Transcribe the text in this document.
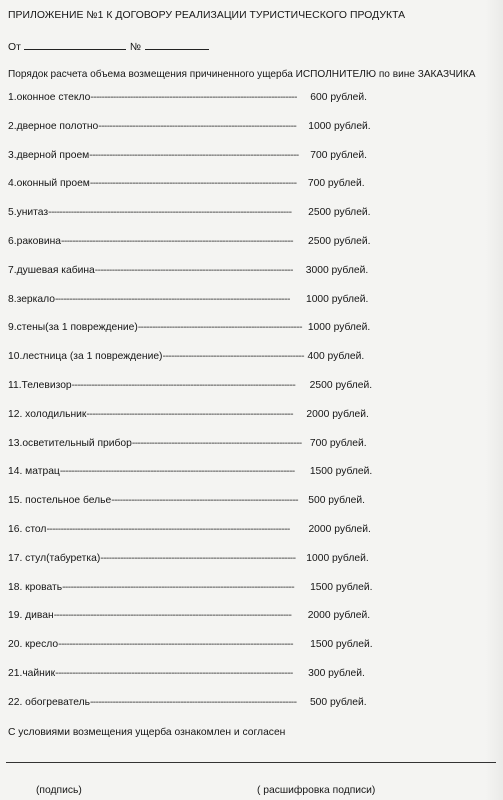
ПРИЛОЖЕНИЕ №1 К ДОГОВОРУ РЕАЛИЗАЦИИ ТУРИСТИЧЕСКОГО ПРОДУКТА
От	№
Порядок расчета объема возмещения причиненного ущерба ИСПОЛНИТЕЛЮ по вине ЗАКАЗЧИКА
1.оконное стекло -------------------------------------------------------------------------	600 рублей.
2.дверное полотно ----------------------------------------------------------------------	1000 рублей.
3.дверной проем --------------------------------------------------------------------------	700 рублей.
4.оконный проем -------------------------------------------------------------------------	700 рублей.
5.унитаз --------------------------------------------------------------------------------------	2500 рублей.
6.раковина ----------------------------------------------------------------------------------	2500 рублей.
7.душевая кабина ----------------------------------------------------------------------	3000 рублей.
8.зеркало -----------------------------------------------------------------------------------	1000 рублей.
9.стены(за 1 повреждение) ---------------------------------------------------------- 1000 рублей.
10.лестница (за 1 повреждение) -------------------------------------------------- 400 рублей.
11.Телевизор -------------------------------------------------------------------------------	2500 рублей.
12. холодильник -------------------------------------------------------------------------	2000 рублей.
13.осветительный прибор ------------------------------------------------------------ 700 рублей.
14. матрац -----------------------------------------------------------------------------------	1500 рублей.
15. постельное белье ------------------------------------------------------------------ 500 рублей.
16. стол --------------------------------------------------------------------------------------	2000 рублей.
17. стул(табуретка) ---------------------------------------------------------------------	1000 рублей.
18. кровать ----------------------------------------------------------------------------------	1500 рублей.
19. диван ------------------------------------------------------------------------------------	2000 рублей.
20. кресло -----------------------------------------------------------------------------------	1500 рублей.
21.чайник ------------------------------------------------------------------------------------	300 рублей.
22. обогреватель -------------------------------------------------------------------------	500 рублей.
С условиями возмещения ущерба ознакомлен и согласен
(подпись)	( расшифровка подписи)
